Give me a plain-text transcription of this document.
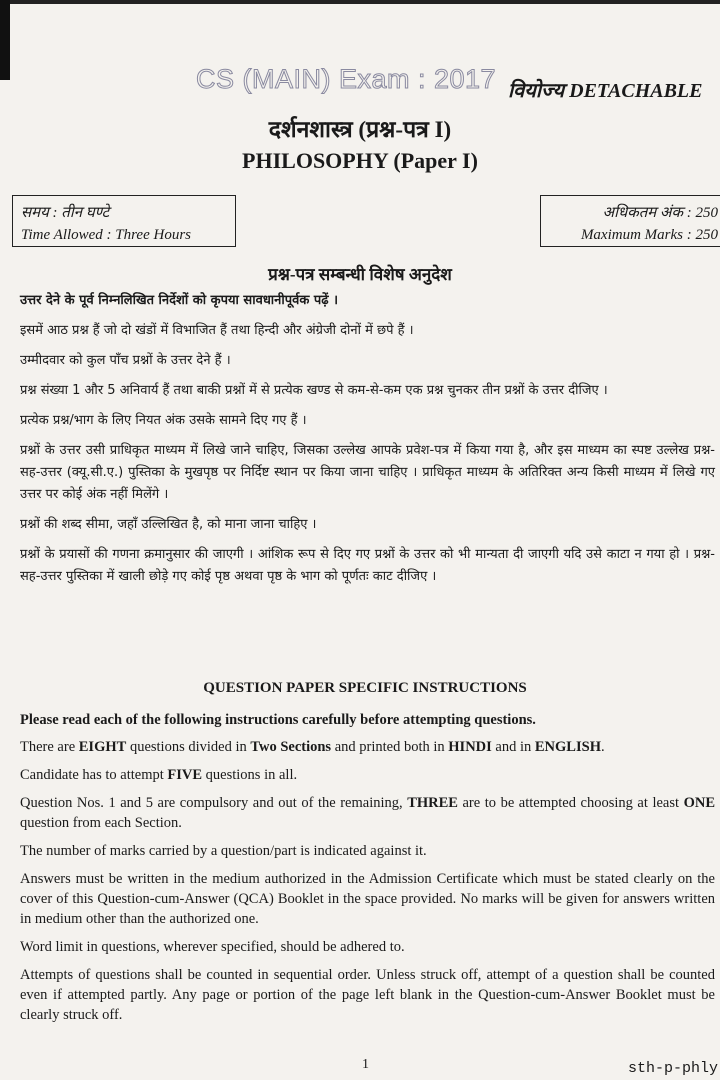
CS (MAIN) Exam : 2017 वियोज्य DETACHABLE
दर्शनशास्त्र (प्रश्न-पत्र I)
PHILOSOPHY (Paper I)
समय : तीन घण्टे
Time Allowed : Three Hours
अधिकतम अंक : 250
Maximum Marks : 250
प्रश्न-पत्र सम्बन्धी विशेष अनुदेश

उत्तर देने के पूर्व निम्नलिखित निर्देशों को कृपया सावधानीपूर्वक पढ़ें ।

इसमें आठ प्रश्न हैं जो दो खंडों में विभाजित हैं तथा हिन्दी और अंग्रेजी दोनों में छपे हैं ।

उम्मीदवार को कुल पाँच प्रश्नों के उत्तर देने हैं ।

प्रश्न संख्या 1 और 5 अनिवार्य हैं तथा बाकी प्रश्नों में से प्रत्येक खण्ड से कम-से-कम एक प्रश्न चुनकर तीन प्रश्नों के उत्तर दीजिए ।

प्रत्येक प्रश्न/भाग के लिए नियत अंक उसके सामने दिए गए हैं ।

प्रश्नों के उत्तर उसी प्राधिकृत माध्यम में लिखे जाने चाहिए, जिसका उल्लेख आपके प्रवेश-पत्र में किया गया है, और इस माध्यम का स्पष्ट उल्लेख प्रश्न-सह-उत्तर (क्यू.सी.ए.) पुस्तिका के मुखपृष्ठ पर निर्दिष्ट स्थान पर किया जाना चाहिए । प्राधिकृत माध्यम के अतिरिक्त अन्य किसी माध्यम में लिखे गए उत्तर पर कोई अंक नहीं मिलेंगे ।

प्रश्नों की शब्द सीमा, जहाँ उल्लिखित है, को माना जाना चाहिए ।

प्रश्नों के प्रयासों की गणना क्रमानुसार की जाएगी । आंशिक रूप से दिए गए प्रश्नों के उत्तर को भी मान्यता दी जाएगी यदि उसे काटा न गया हो । प्रश्न-सह-उत्तर पुस्तिका में खाली छोड़े गए कोई पृष्ठ अथवा पृष्ठ के भाग को पूर्णतः काट दीजिए ।

QUESTION PAPER SPECIFIC INSTRUCTIONS

Please read each of the following instructions carefully before attempting questions.

There are EIGHT questions divided in Two Sections and printed both in HINDI and in ENGLISH.

Candidate has to attempt FIVE questions in all.

Question Nos. 1 and 5 are compulsory and out of the remaining, THREE are to be attempted choosing at least ONE question from each Section.

The number of marks carried by a question/part is indicated against it.

Answers must be written in the medium authorized in the Admission Certificate which must be stated clearly on the cover of this Question-cum-Answer (QCA) Booklet in the space provided. No marks will be given for answers written in medium other than the authorized one.

Word limit in questions, wherever specified, should be adhered to.

Attempts of questions shall be counted in sequential order. Unless struck off, attempt of a question shall be counted even if attempted partly. Any page or portion of the page left blank in the Question-cum-Answer Booklet must be clearly struck off.

1	sth-p-phly
